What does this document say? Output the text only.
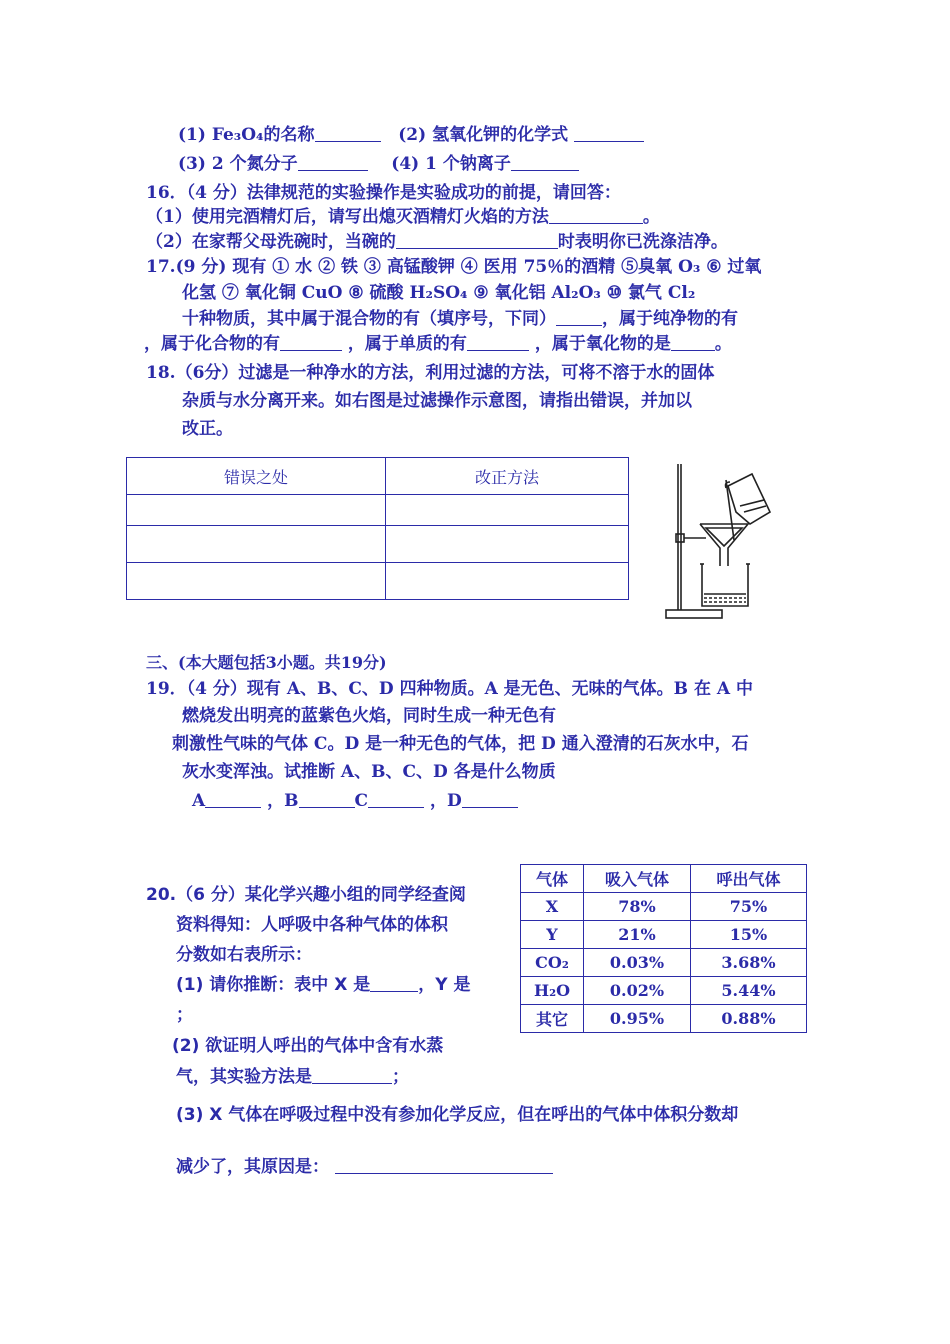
(1) Fe₃O₄的名称	(2) 氢氧化钾的化学式
(3) 2 个氮分子	(4) 1 个钠离子
16．（4 分）法律规范的实验操作是实验成功的前提，请回答：
（1）使用完酒精灯后，请写出熄灭酒精灯火焰的方法	。
（2）在家帮父母洗碗时，当碗的	时表明你已洗涤洁净。
17.(9 分) 现有 ① 水 ② 铁 ③ 高锰酸钾 ④ 医用 75％的酒精 ⑤臭氧 O₃ ⑥ 过氧
化氢 ⑦ 氧化铜 CuO ⑧ 硫酸 H₂SO₄ ⑨ 氧化铝 Al₂O₃ ⑩ 氯气 Cl₂
十种物质，其中属于混合物的有（填序号，下同）	，属于纯净物的有
，属于化合物的有	，属于单质的有	，属于氧化物的是	。
18.（6分）过滤是一种净水的方法，利用过滤的方法，可将不溶于水的固体
杂质与水分离开来。如右图是过滤操作示意图，请指出错误，并加以
改正。
错误之处	改正方法

三、(本大题包括3小题。共19分)
19．（4 分）现有 A、B、C、D 四种物质。A 是无色、无味的气体。B 在 A 中
燃烧发出明亮的蓝紫色火焰，同时生成一种无色有
刺激性气味的气体 C。D 是一种无色的气体，把 D 通入澄清的石灰水中，石
灰水变浑浊。试推断 A、B、C、D 各是什么物质
A	，B	C	，D
20.（6 分）某化学兴趣小组的同学经查阅
资料得知：人呼吸中各种气体的体积
分数如右表所示：
(1) 请你推断：表中 X 是	，Y 是
；
(2) 欲证明人呼出的气体中含有水蒸
气，其实验方法是	；
(3) X 气体在呼吸过程中没有参加化学反应，但在呼出的气体中体积分数却
减少了，其原因是：
气体	吸入气体	呼出气体
X	78%	75%
Y	21%	15%
CO₂	0.03%	3.68%
H₂O	0.02%	5.44%
其它	0.95%	0.88%
